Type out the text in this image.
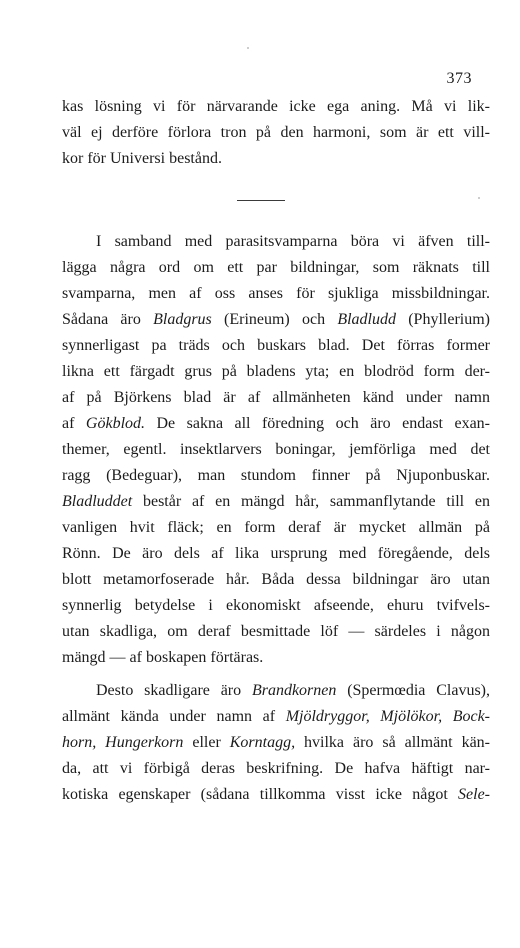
373
kas lösning vi för närvarande icke ega aning. Må vi lik-
väl ej derföre förlora tron på den harmoni, som är ett vill-
kor för Universi bestånd.
I samband med parasitsvamparna böra vi äfven till-
lägga några ord om ett par bildningar, som räknats till
svamparna, men af oss anses för sjukliga missbildningar.
Sådana äro Bladgrus (Erineum) och Bladludd (Phyllerium)
synnerligast pa träds och buskars blad. Det förras former
likna ett färgadt grus på bladens yta; en blodröd form der-
af på Björkens blad är af allmänheten känd under namn
af Gökblod. De sakna all föredning och äro endast exan-
themer, egentl. insektlarvers boningar, jemförliga med det
ragg (Bedeguar), man stundom finner på Njuponbuskar.
Bladluddet består af en mängd hår, sammanflytande till en
vanligen hvit fläck; en form deraf är mycket allmän på
Rönn. De äro dels af lika ursprung med föregående, dels
blott metamorfoserade hår. Båda dessa bildningar äro utan
synnerlig betydelse i ekonomiskt afseende, ehuru tvifvels-
utan skadliga, om deraf besmittade löf — särdeles i någon
mängd — af boskapen förtäras.
Desto skadligare äro Brandkornen (Spermœdia Clavus),
allmänt kända under namn af Mjöldryggor, Mjölökor, Bock-
horn, Hungerkorn eller Korntagg, hvilka äro så allmänt kän-
da, att vi förbigå deras beskrifning. De hafva häftigt nar-
kotiska egenskaper (sådana tillkomma visst icke något Sele-
